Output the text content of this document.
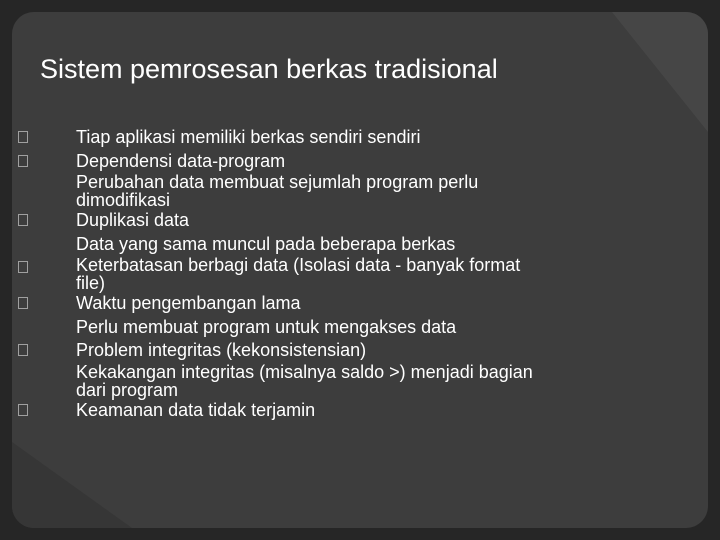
Sistem pemrosesan berkas tradisional
Tiap aplikasi memiliki berkas sendiri sendiri
Dependensi data-program
Perubahan data membuat sejumlah program perlu
dimodifikasi
Duplikasi data
Data yang sama muncul pada beberapa berkas
Keterbatasan berbagi data (Isolasi data - banyak format
file)
Waktu pengembangan lama
Perlu membuat program untuk mengakses data
Problem integritas (kekonsistensian)
Kekakangan integritas (misalnya saldo >) menjadi bagian
dari program
Keamanan data tidak terjamin
